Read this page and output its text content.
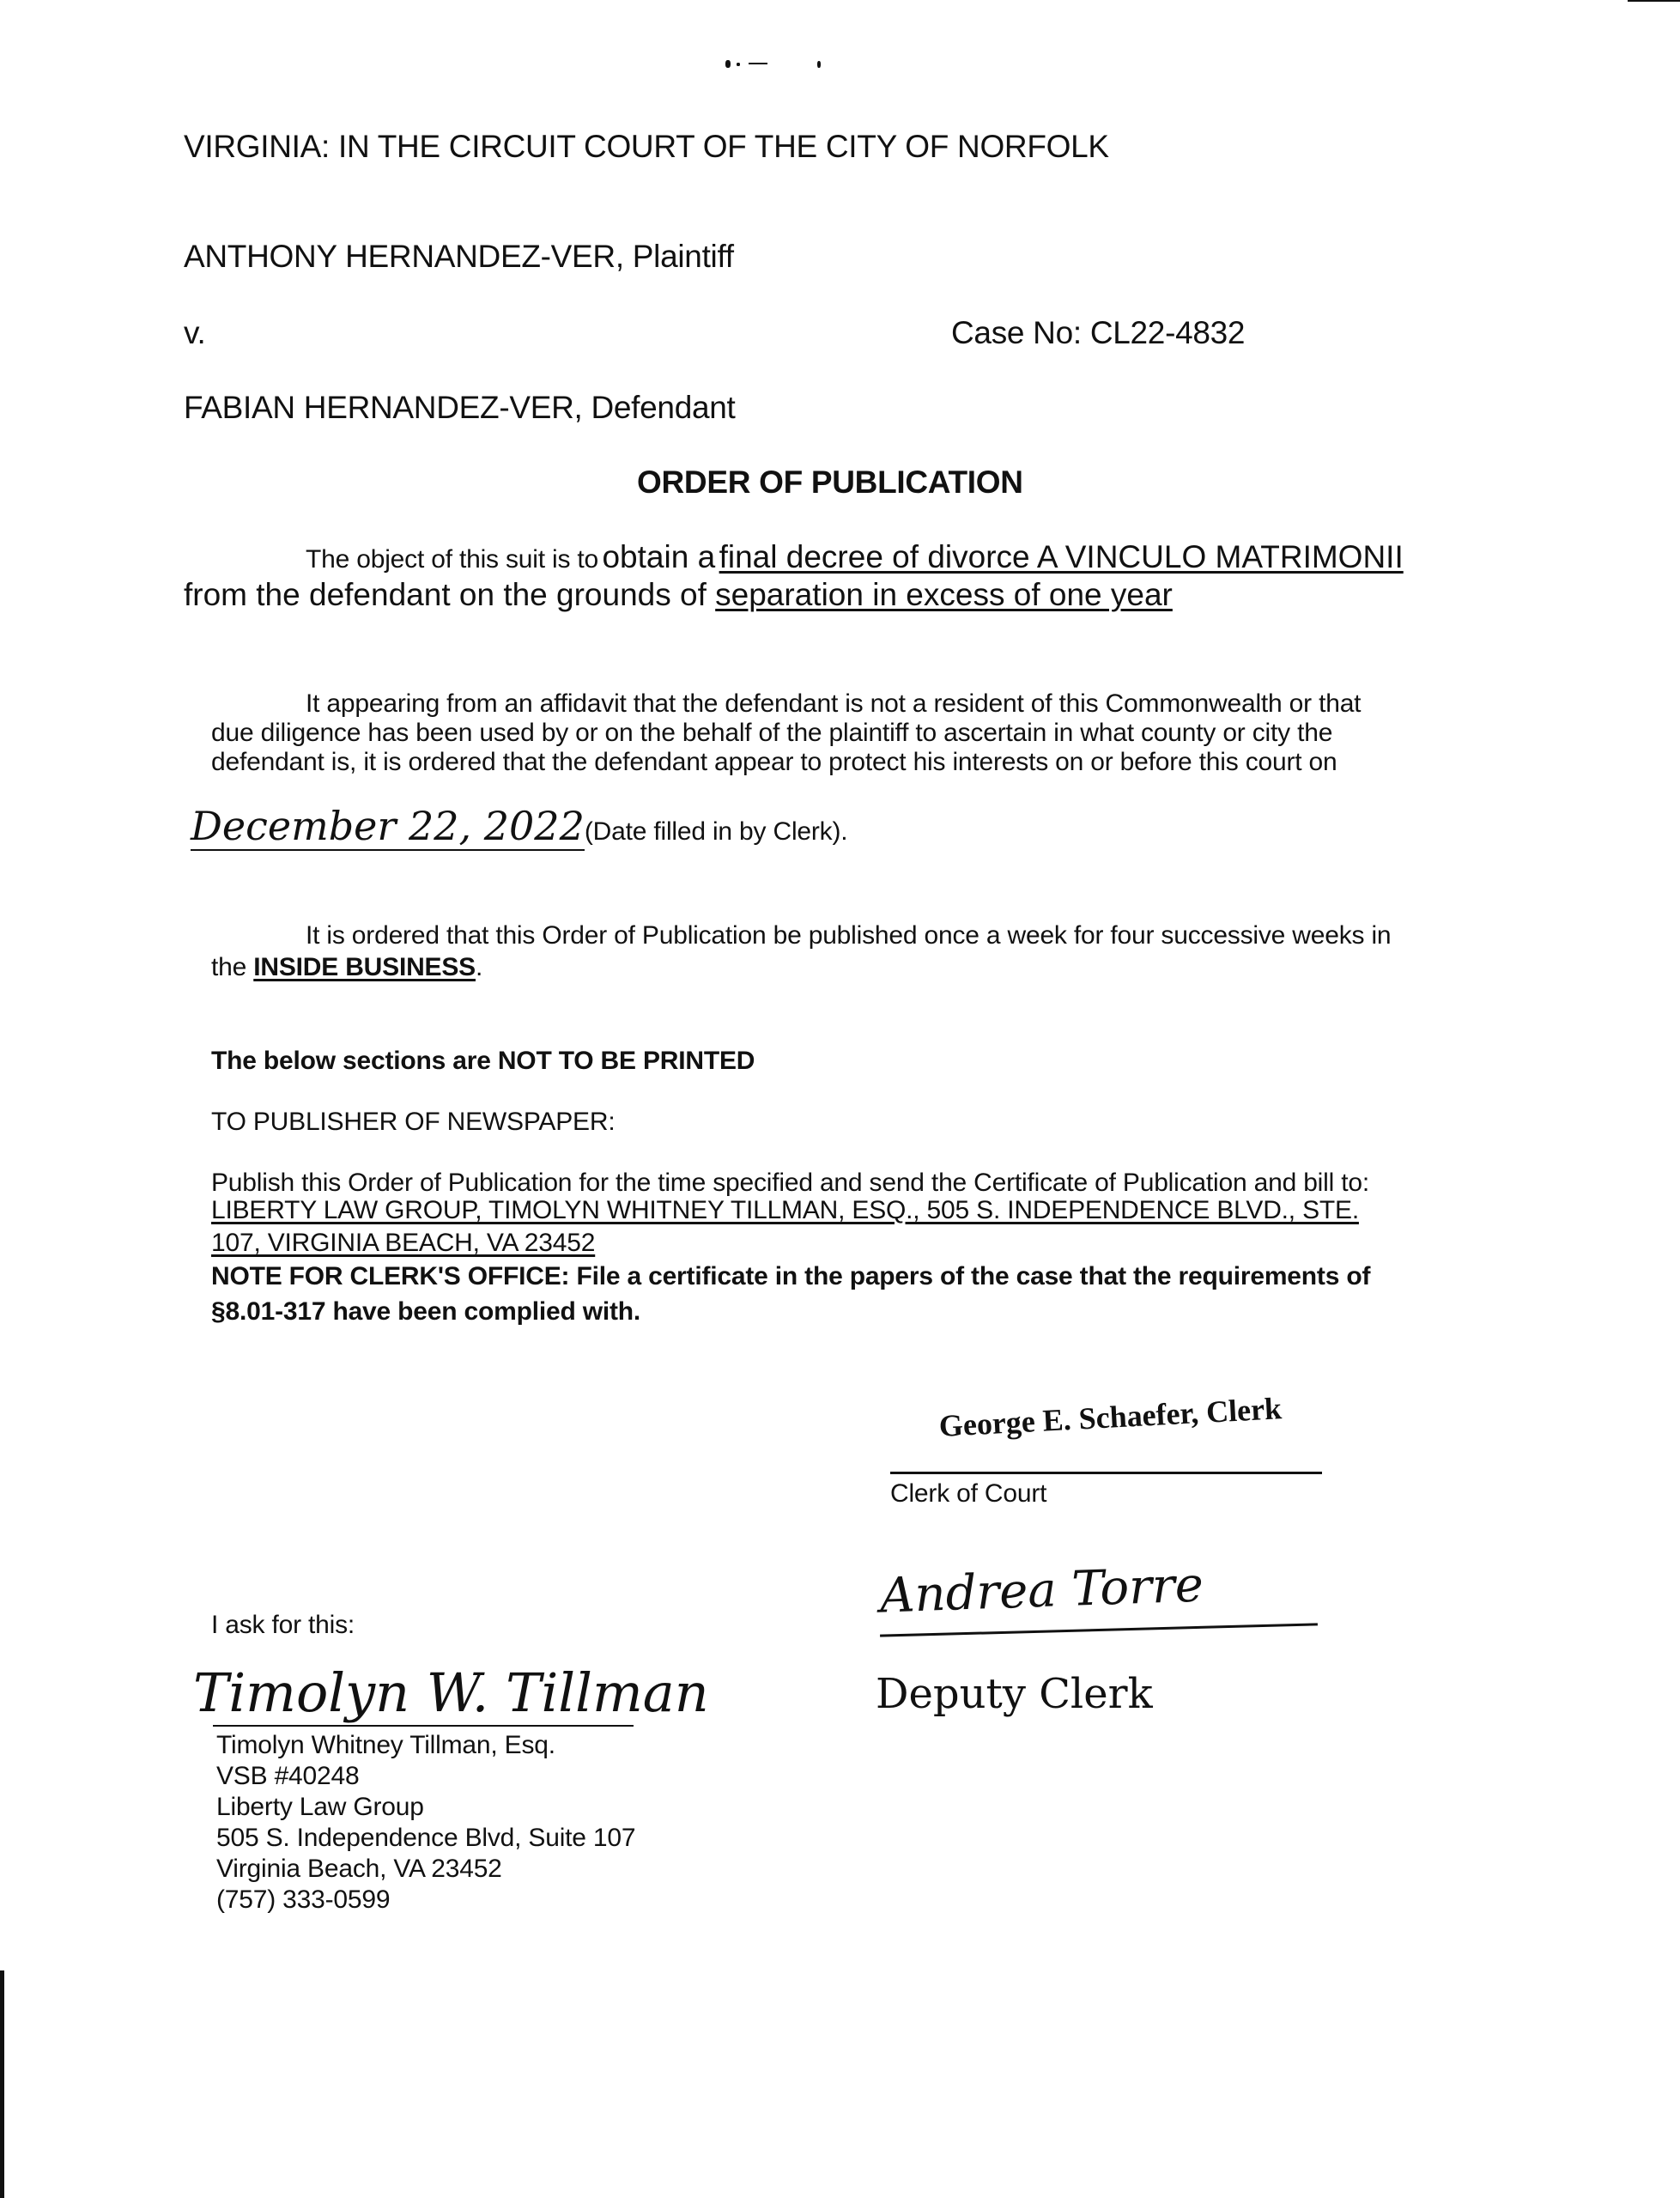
VIRGINIA: IN THE CIRCUIT COURT OF THE CITY OF NORFOLK
ANTHONY HERNANDEZ-VER, Plaintiff
v.	Case No: CL22-4832
FABIAN HERNANDEZ-VER, Defendant
ORDER OF PUBLICATION
The object of this suit is to obtain a final decree of divorce A VINCULO MATRIMONII
from the defendant on the grounds of separation in excess of one year
It appearing from an affidavit that the defendant is not a resident of this Commonwealth or that
due diligence has been used by or on the behalf of the plaintiff to ascertain in what county or city the
defendant is, it is ordered that the defendant appear to protect his interests on or before this court on
December 22, 2022(Date filled in by Clerk).
It is ordered that this Order of Publication be published once a week for four successive weeks in
the INSIDE BUSINESS.
The below sections are NOT TO BE PRINTED
TO PUBLISHER OF NEWSPAPER:
Publish this Order of Publication for the time specified and send the Certificate of Publication and bill to:
LIBERTY LAW GROUP, TIMOLYN WHITNEY TILLMAN, ESQ., 505 S. INDEPENDENCE BLVD., STE.
107, VIRGINIA BEACH, VA 23452
NOTE FOR CLERK'S OFFICE: File a certificate in the papers of the case that the requirements of
§8.01-317 have been complied with.
George E. Schaefer, Clerk
Clerk of Court
Andrea Torre
Deputy Clerk
I ask for this:
Timolyn W. Tillman
Timolyn Whitney Tillman, Esq.
VSB #40248
Liberty Law Group
505 S. Independence Blvd, Suite 107
Virginia Beach, VA 23452
(757) 333-0599
